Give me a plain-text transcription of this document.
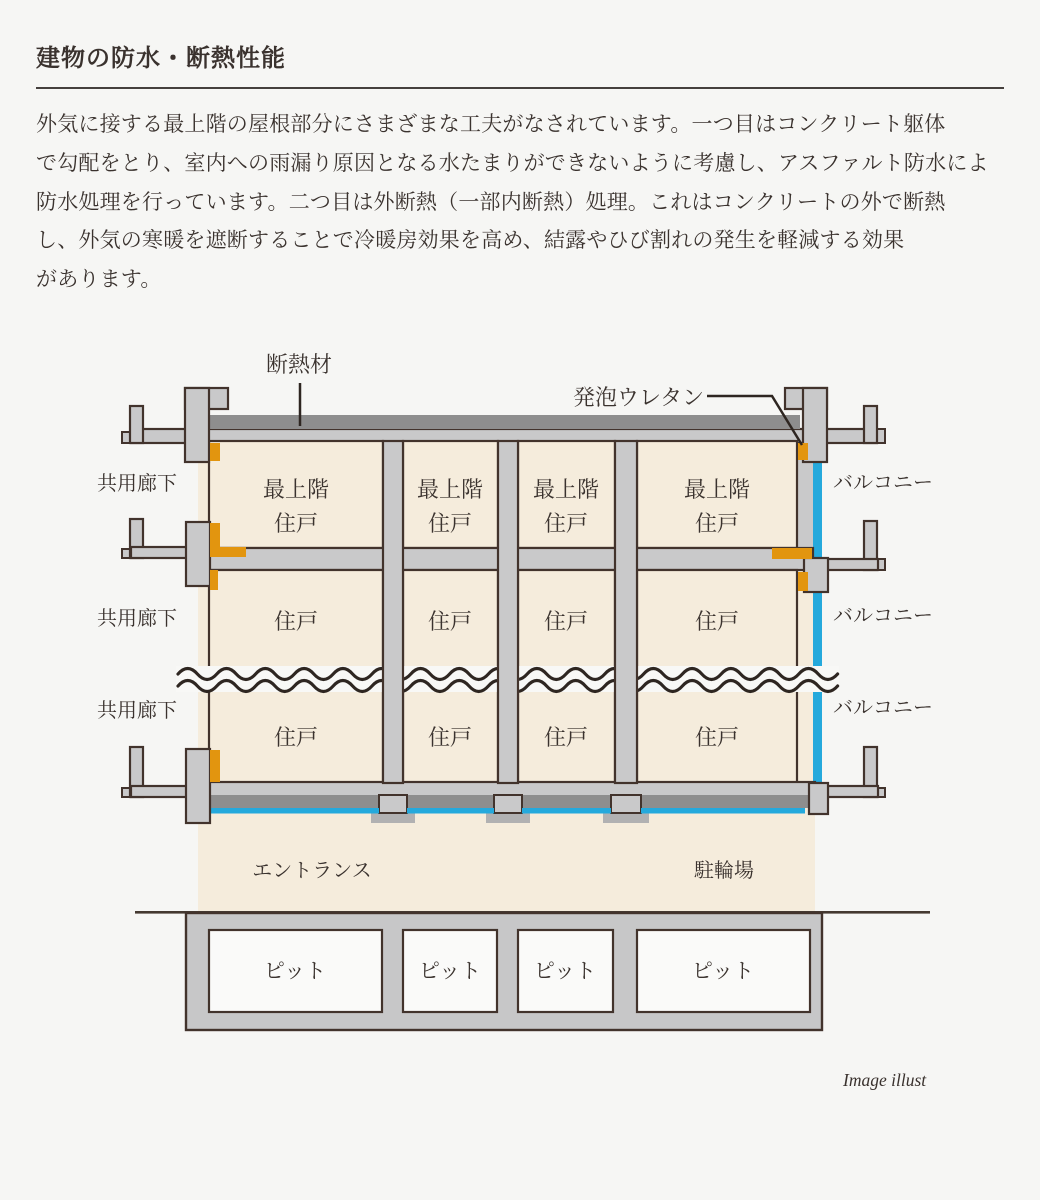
建物の防水・断熱性能
外気に接する最上階の屋根部分にさまざまな工夫がなされています。一つ目はコンクリート躯体
で勾配をとり、室内への雨漏り原因となる水たまりができないように考慮し、アスファルト防水によ
防水処理を行っています。二つ目は外断熱（一部内断熱）処理。これはコンクリートの外で断熱
し、外気の寒暖を遮断することで冷暖房効果を高め、結露やひび割れの発生を軽減する効果
があります。
断熱材
発泡ウレタン
共用廊下
共用廊下
共用廊下
バルコニー
バルコニー
バルコニー
最上階
住戸
最上階
住戸
最上階
住戸
最上階
住戸
住戸	住戸	住戸	住戸
住戸	住戸	住戸	住戸
エントランス	駐輪場
ピット	ピット	ピット	ピット
Image illust
